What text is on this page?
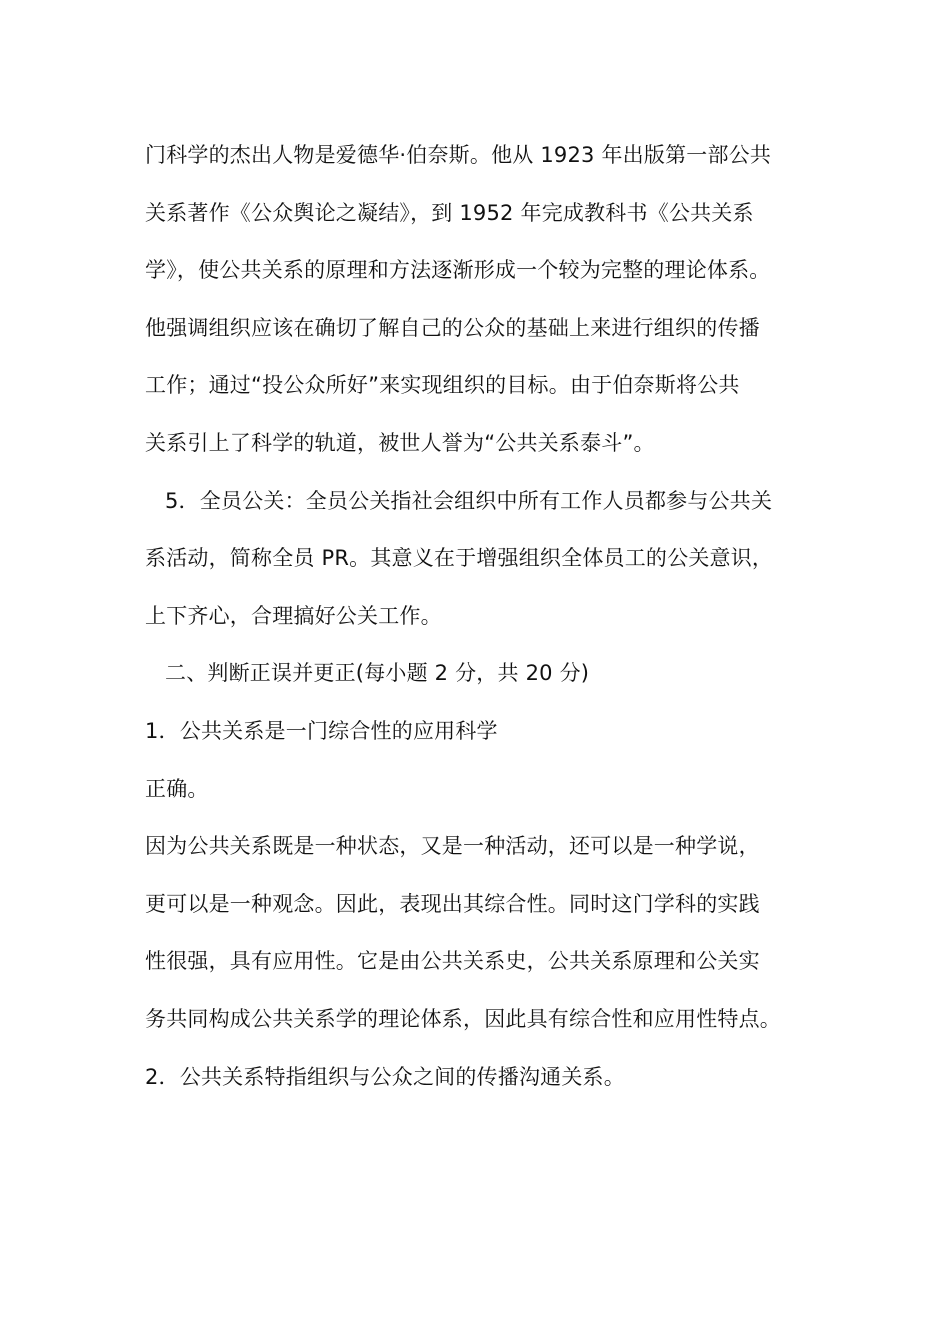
门科学的杰出人物是爱德华·伯奈斯。他从 1923 年出版第一部公共
关系著作《公众舆论之凝结》，到 1952 年完成教科书《公共关系
学》，使公共关系的原理和方法逐渐形成一个较为完整的理论体系。
他强调组织应该在确切了解自己的公众的基础上来进行组织的传播
工作；通过“投公众所好”来实现组织的目标。由于伯奈斯将公共
关系引上了科学的轨道，被世人誉为“公共关系泰斗”。
5．全员公关：全员公关指社会组织中所有工作人员都参与公共关
系活动，简称全员 PR。其意义在于增强组织全体员工的公关意识，
上下齐心，合理搞好公关工作。
二、判断正误并更正(每小题 2 分，共 20 分)
1．公共关系是一门综合性的应用科学
正确。
因为公共关系既是一种状态，又是一种活动，还可以是一种学说，
更可以是一种观念。因此，表现出其综合性。同时这门学科的实践
性很强，具有应用性。它是由公共关系史，公共关系原理和公关实
务共同构成公共关系学的理论体系，因此具有综合性和应用性特点。
2．公共关系特指组织与公众之间的传播沟通关系。
